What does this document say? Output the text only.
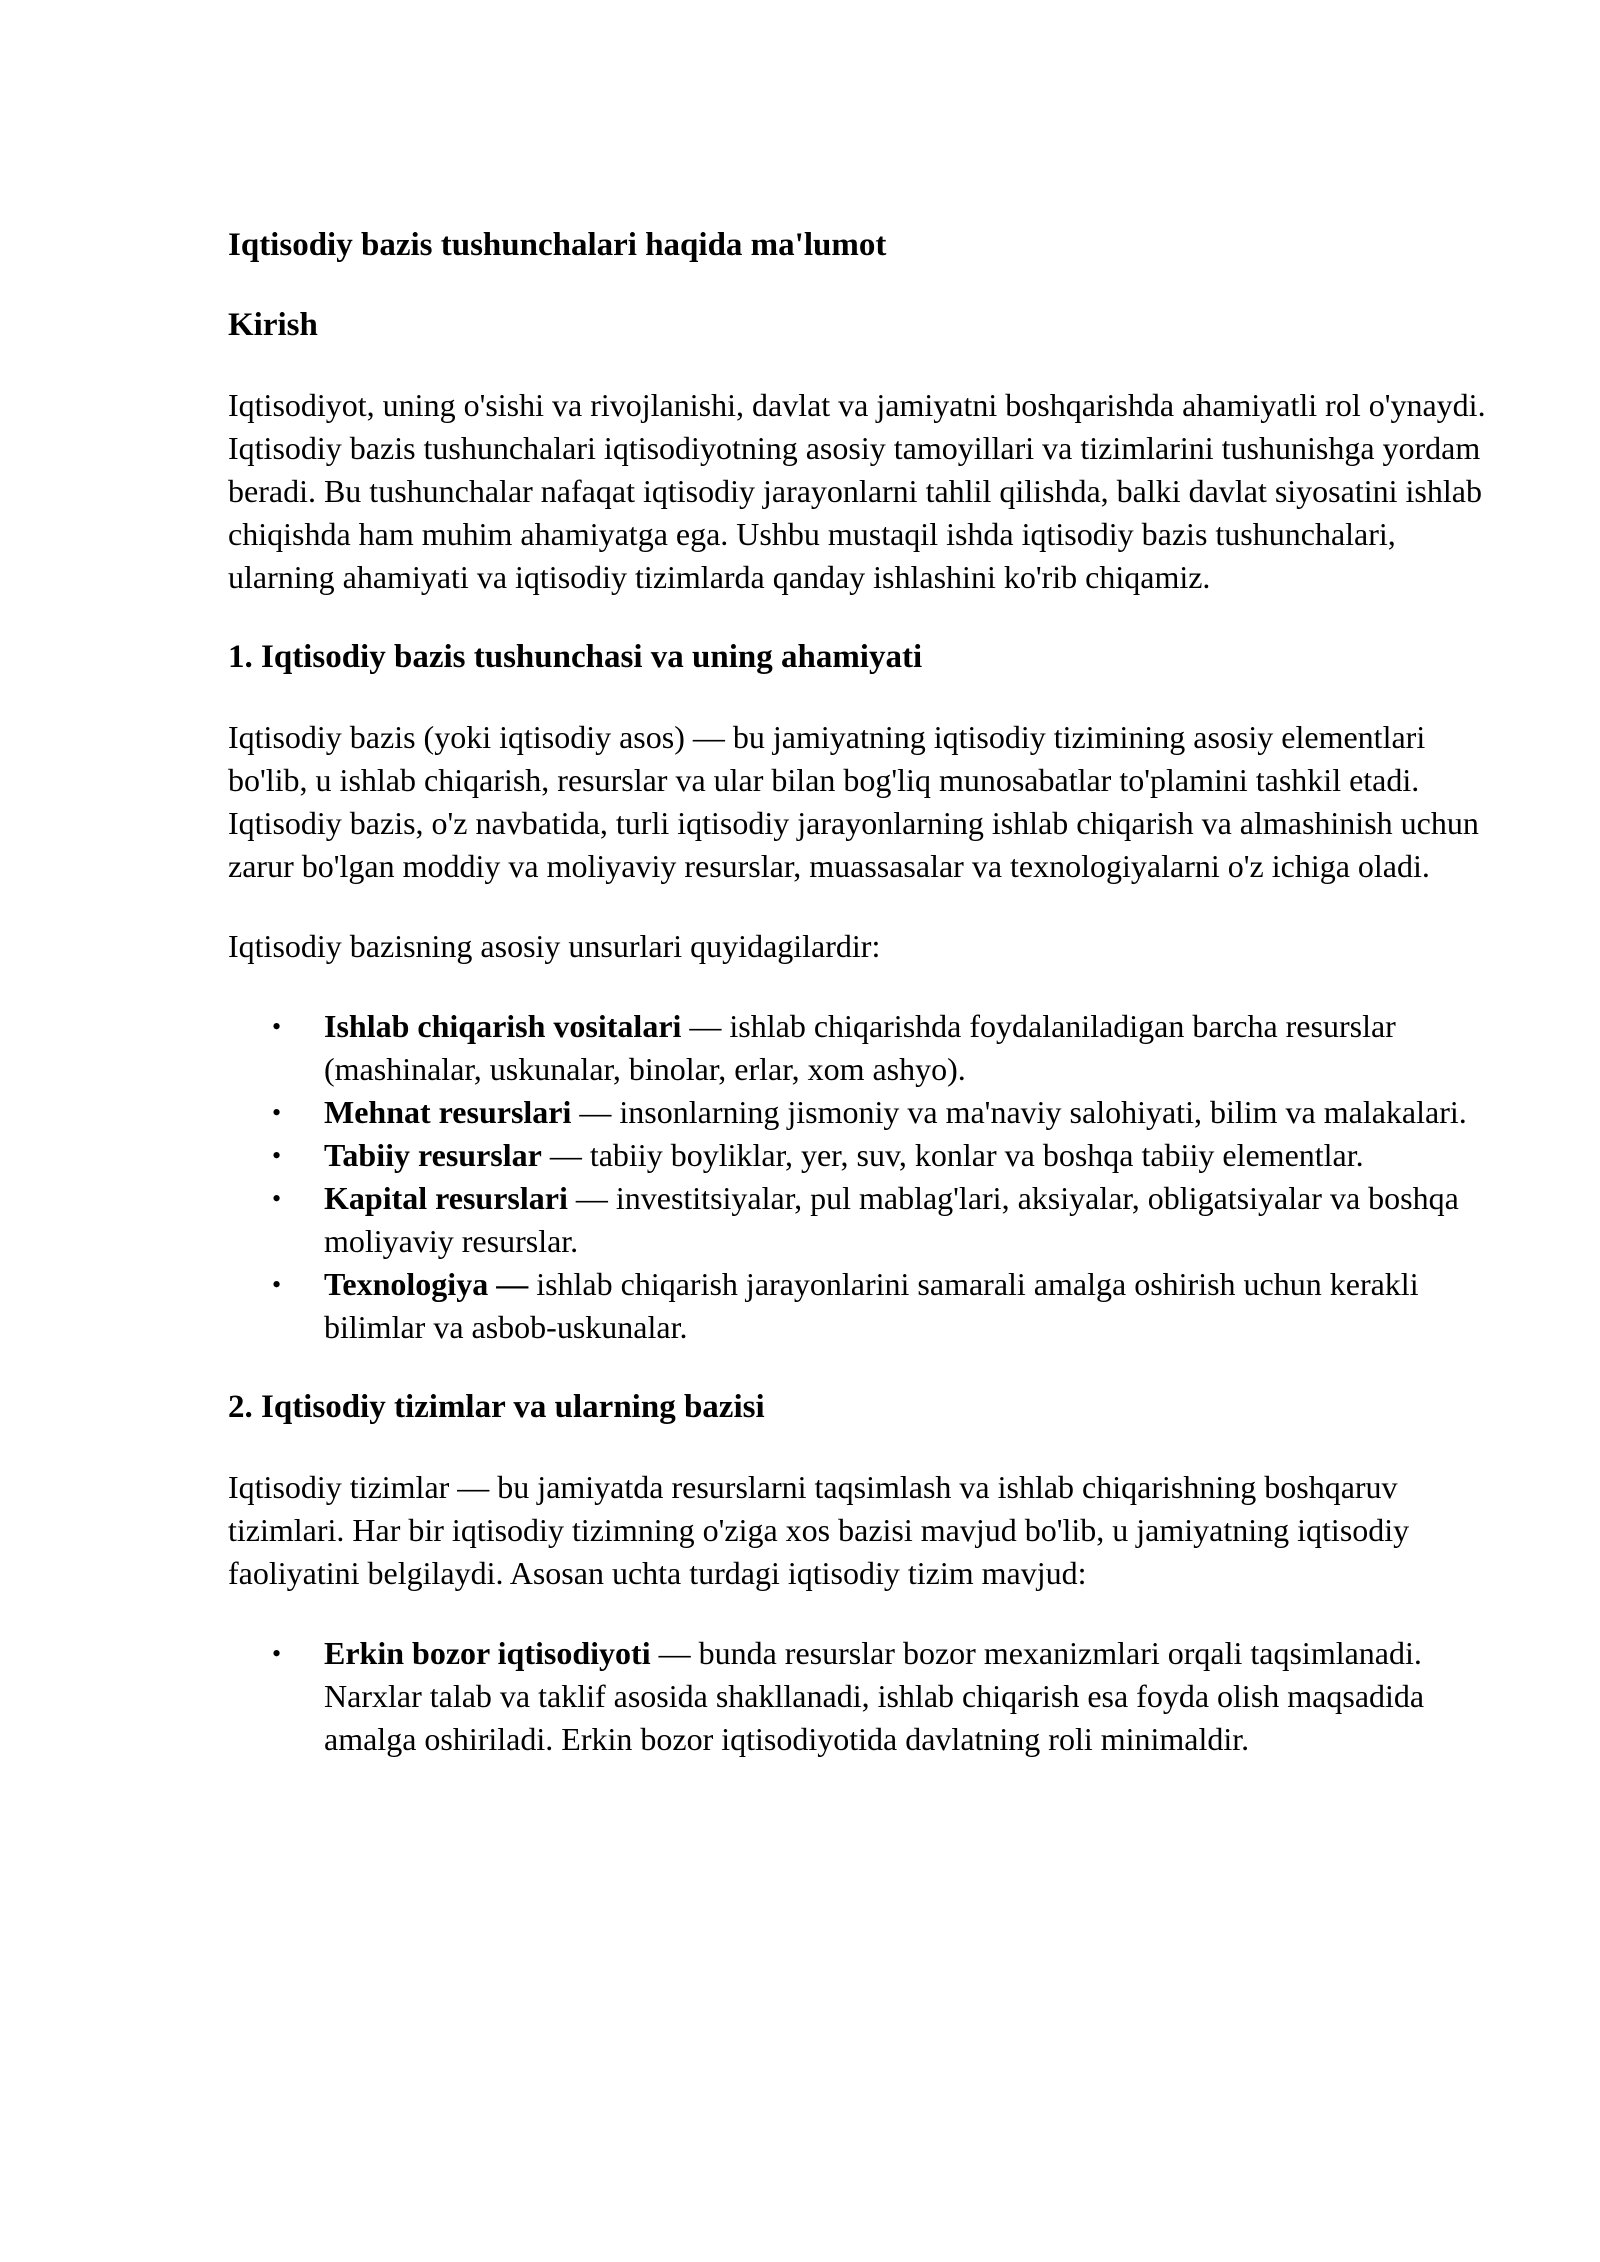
Iqtisodiy bazis tushunchalari haqida ma'lumot
Kirish

Iqtisodiyot, uning o'sishi va rivojlanishi, davlat va jamiyatni boshqarishda ahamiyatli rol o'ynaydi. Iqtisodiy bazis tushunchalari iqtisodiyotning asosiy tamoyillari va tizimlarini tushunishga yordam beradi. Bu tushunchalar nafaqat iqtisodiy jarayonlarni tahlil qilishda, balki davlat siyosatini ishlab chiqishda ham muhim ahamiyatga ega. Ushbu mustaqil ishda iqtisodiy bazis tushunchalari, ularning ahamiyati va iqtisodiy tizimlarda qanday ishlashini ko'rib chiqamiz.

1. Iqtisodiy bazis tushunchasi va uning ahamiyati

Iqtisodiy bazis (yoki iqtisodiy asos) — bu jamiyatning iqtisodiy tizimining asosiy elementlari bo'lib, u ishlab chiqarish, resurslar va ular bilan bog'liq munosabatlar to'plamini tashkil etadi. Iqtisodiy bazis, o'z navbatida, turli iqtisodiy jarayonlarning ishlab chiqarish va almashinish uchun zarur bo'lgan moddiy va moliyaviy resurslar, muassasalar va texnologiyalarni o'z ichiga oladi.

Iqtisodiy bazisning asosiy unsurlari quyidagilardir:

• Ishlab chiqarish vositalari — ishlab chiqarishda foydalaniladigan barcha resurslar (mashinalar, uskunalar, binolar, erlar, xom ashyo).
• Mehnat resurslari — insonlarning jismoniy va ma'naviy salohiyati, bilim va malakalari.
• Tabiiy resurslar — tabiiy boyliklar, yer, suv, konlar va boshqa tabiiy elementlar.
• Kapital resurslari — investitsiyalar, pul mablag'lari, aksiyalar, obligatsiyalar va boshqa moliyaviy resurslar.
• Texnologiya — ishlab chiqarish jarayonlarini samarali amalga oshirish uchun kerakli bilimlar va asbob-uskunalar.
2. Iqtisodiy tizimlar va ularning bazisi

Iqtisodiy tizimlar — bu jamiyatda resurslarni taqsimlash va ishlab chiqarishning boshqaruv tizimlari. Har bir iqtisodiy tizimning o'ziga xos bazisi mavjud bo'lib, u jamiyatning iqtisodiy faoliyatini belgilaydi. Asosan uchta turdagi iqtisodiy tizim mavjud:

• Erkin bozor iqtisodiyoti — bunda resurslar bozor mexanizmlari orqali taqsimlanadi. Narxlar talab va taklif asosida shakllanadi, ishlab chiqarish esa foyda olish maqsadida amalga oshiriladi. Erkin bozor iqtisodiyotida davlatning roli minimaldir.
